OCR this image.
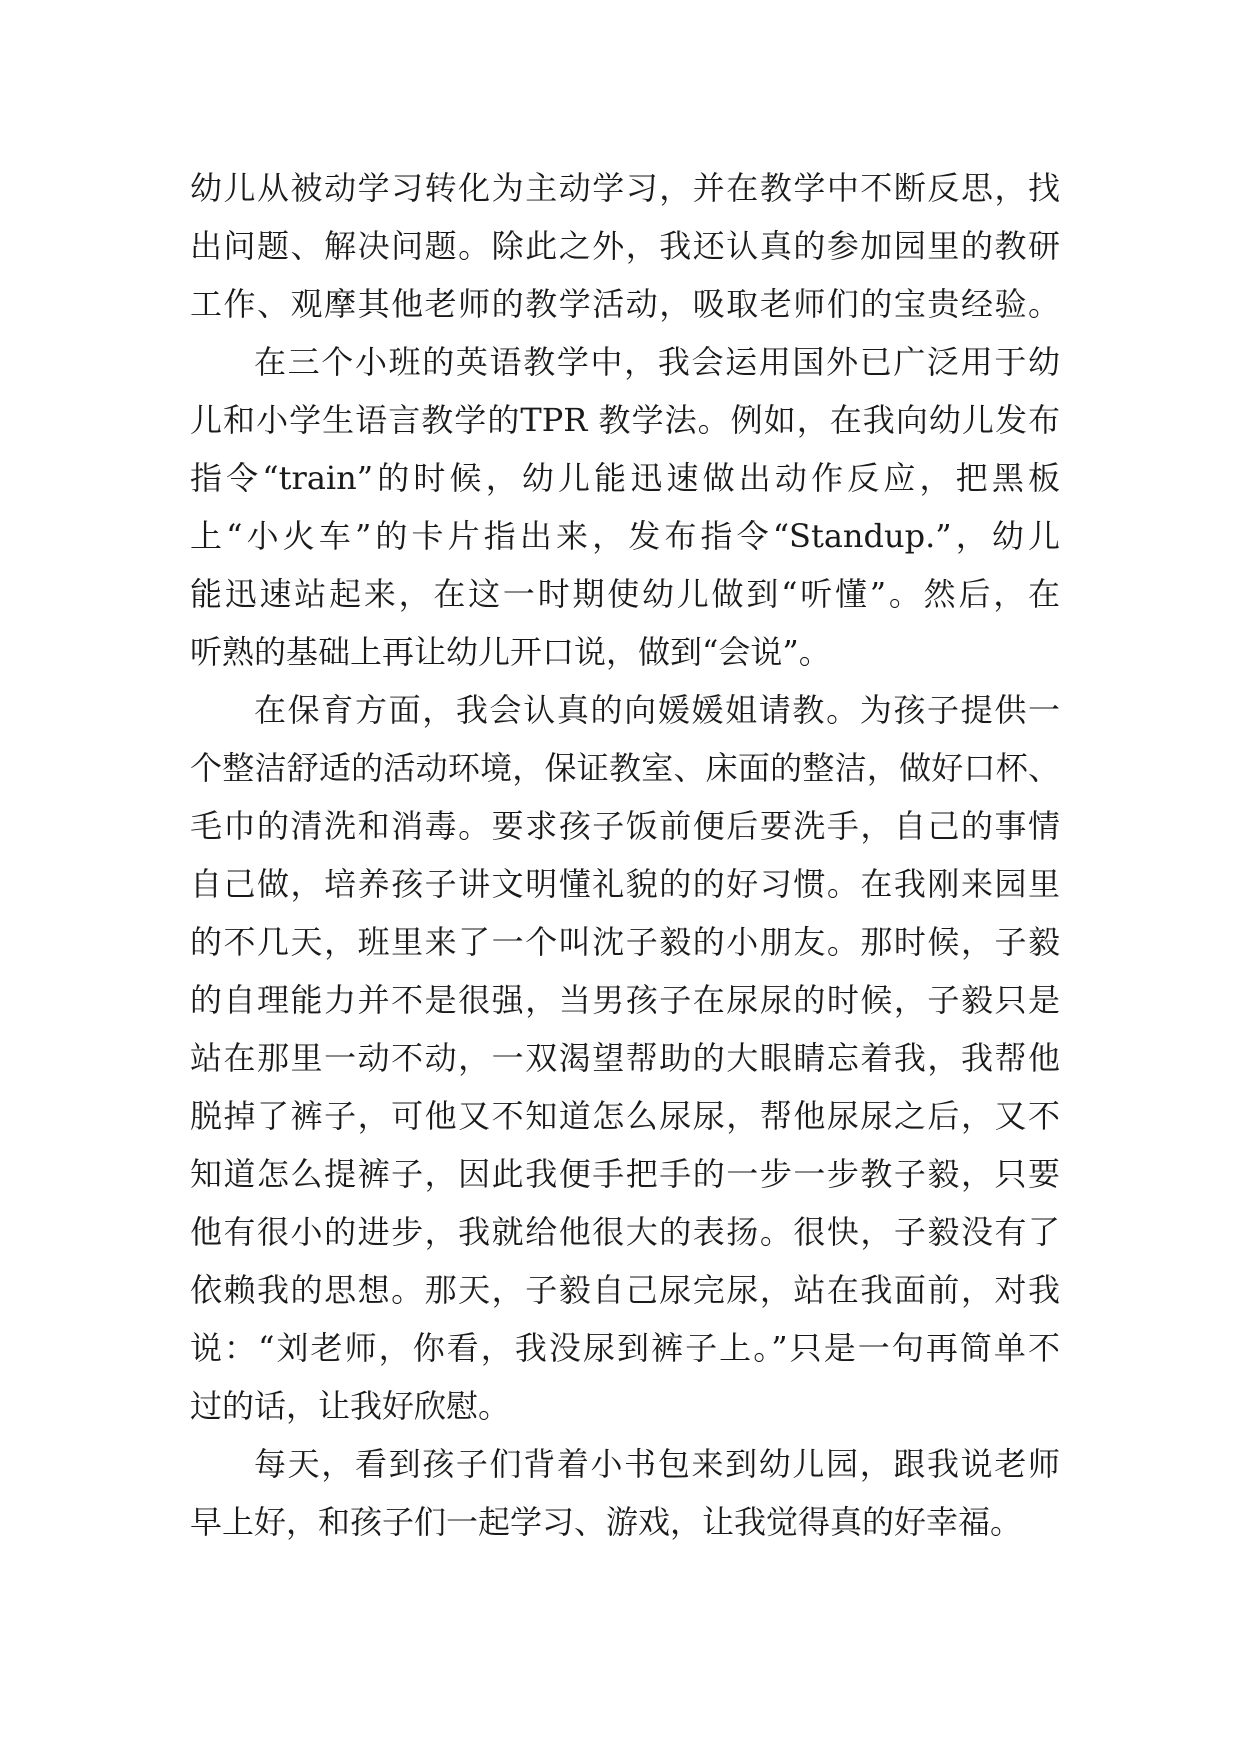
幼儿从被动学习转化为主动学习，并在教学中不断反思，找
出问题、解决问题。除此之外，我还认真的参加园里的教研
工作、观摩其他老师的教学活动，吸取老师们的宝贵经验。
在三个小班的英语教学中，我会运用国外已广泛用于幼
儿和小学生语言教学的TPR 教学法。例如，在我向幼儿发布
指令“train”的时候，幼儿能迅速做出动作反应，把黑板
上“小火车”的卡片指出来，发布指令“Standup.”，幼儿
能迅速站起来，在这一时期使幼儿做到“听懂”。然后，在
听熟的基础上再让幼儿开口说，做到“会说”。
在保育方面，我会认真的向媛媛姐请教。为孩子提供一
个整洁舒适的活动环境，保证教室、床面的整洁，做好口杯、
毛巾的清洗和消毒。要求孩子饭前便后要洗手，自己的事情
自己做，培养孩子讲文明懂礼貌的的好习惯。在我刚来园里
的不几天，班里来了一个叫沈子毅的小朋友。那时候，子毅
的自理能力并不是很强，当男孩子在尿尿的时候，子毅只是
站在那里一动不动，一双渴望帮助的大眼睛忘着我，我帮他
脱掉了裤子，可他又不知道怎么尿尿，帮他尿尿之后，又不
知道怎么提裤子，因此我便手把手的一步一步教子毅，只要
他有很小的进步，我就给他很大的表扬。很快，子毅没有了
依赖我的思想。那天，子毅自己尿完尿，站在我面前，对我
说：“刘老师，你看，我没尿到裤子上。”只是一句再简单不
过的话，让我好欣慰。
每天，看到孩子们背着小书包来到幼儿园，跟我说老师
早上好，和孩子们一起学习、游戏，让我觉得真的好幸福。
